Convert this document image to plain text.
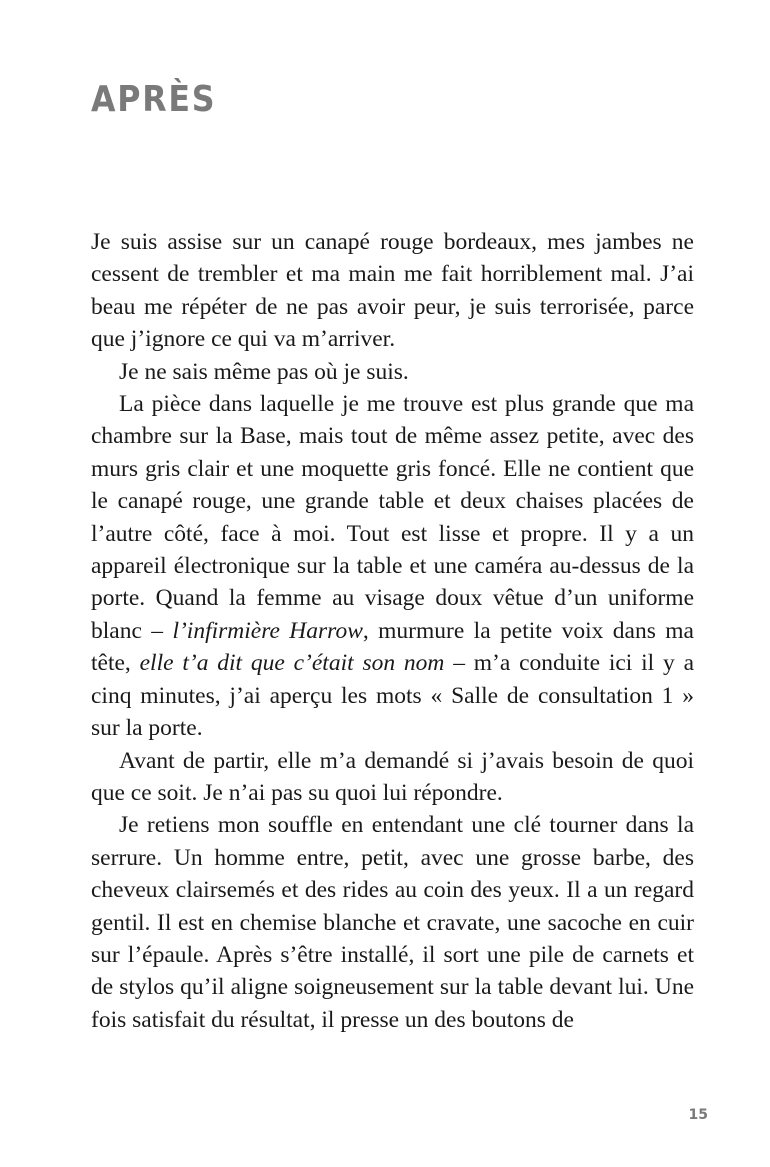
APRÈS

Je suis assise sur un canapé rouge bordeaux, mes jambes ne cessent de trembler et ma main me fait horriblement mal. J’ai beau me répéter de ne pas avoir peur, je suis terrorisée, parce que j’ignore ce qui va m’arriver.

Je ne sais même pas où je suis.

La pièce dans laquelle je me trouve est plus grande que ma chambre sur la Base, mais tout de même assez petite, avec des murs gris clair et une moquette gris foncé. Elle ne contient que le canapé rouge, une grande table et deux chaises placées de l’autre côté, face à moi. Tout est lisse et propre. Il y a un appareil électronique sur la table et une caméra au-dessus de la porte. Quand la femme au visage doux vêtue d’un uniforme blanc – l’infirmière Harrow, murmure la petite voix dans ma tête, elle t’a dit que c’était son nom – m’a conduite ici il y a cinq minutes, j’ai aperçu les mots « Salle de consultation 1 » sur la porte.

Avant de partir, elle m’a demandé si j’avais besoin de quoi que ce soit. Je n’ai pas su quoi lui répondre.

Je retiens mon souffle en entendant une clé tourner dans la serrure. Un homme entre, petit, avec une grosse barbe, des cheveux clairsemés et des rides au coin des yeux. Il a un regard gentil. Il est en chemise blanche et cravate, une sacoche en cuir sur l’épaule. Après s’être installé, il sort une pile de carnets et de stylos qu’il aligne soigneusement sur la table devant lui. Une fois satisfait du résultat, il presse un des boutons de

15
